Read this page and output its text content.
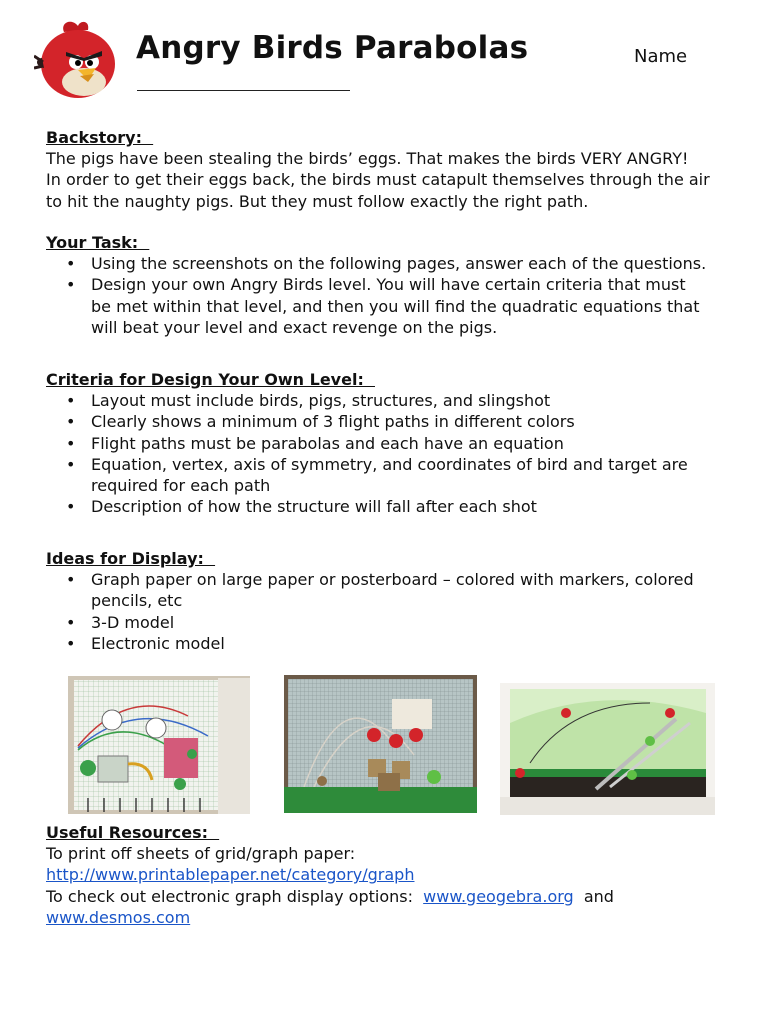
Angry Birds Parabolas	Name
Backstory:
The pigs have been stealing the birds’ eggs. That makes the birds VERY ANGRY!
In order to get their eggs back, the birds must catapult themselves through the air
to hit the naughty pigs. But they must follow exactly the right path.
Your Task:
• Using the screenshots on the following pages, answer each of the questions.
• Design your own Angry Birds level. You will have certain criteria that must
be met within that level, and then you will find the quadratic equations that
will beat your level and exact revenge on the pigs.
Criteria for Design Your Own Level:
• Layout must include birds, pigs, structures, and slingshot
• Clearly shows a minimum of 3 flight paths in different colors
• Flight paths must be parabolas and each have an equation
• Equation, vertex, axis of symmetry, and coordinates of bird and target are
required for each path
• Description of how the structure will fall after each shot
Ideas for Display:
• Graph paper on large paper or posterboard – colored with markers, colored
pencils, etc
• 3-D model
• Electronic model
Useful Resources:
To print off sheets of grid/graph paper:
http://www.printablepaper.net/category/graph
To check out electronic graph display options:  www.geogebra.org  and
www.desmos.com
